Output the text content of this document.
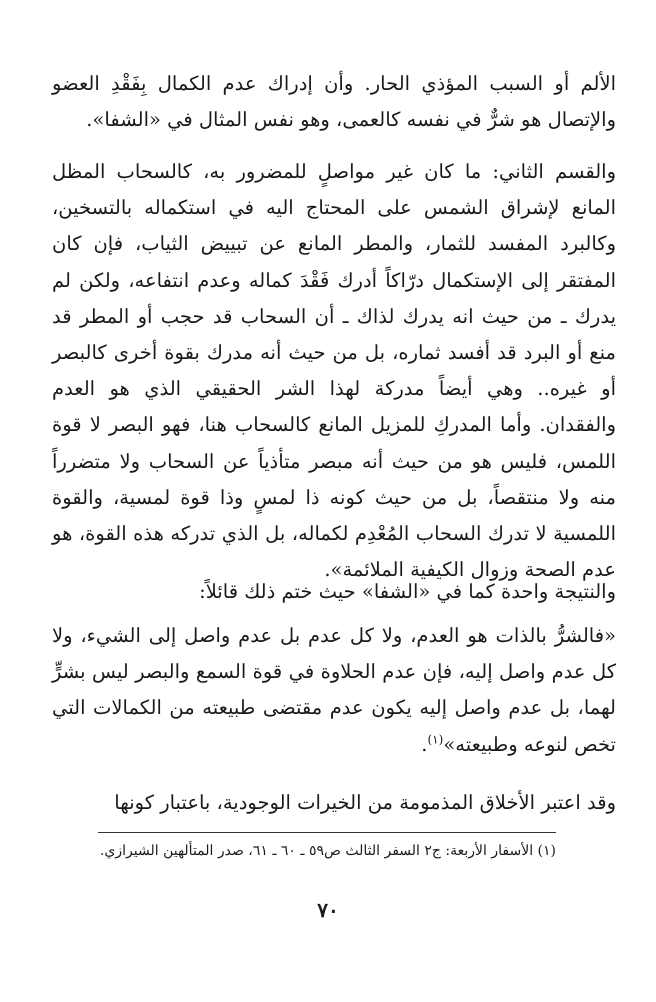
الألم أو السبب المؤذي الحار. وأن إدراك عدم الكمال بِفَقْدِ العضو والإتصال هو شرٌّ في نفسه كالعمى، وهو نفس المثال في «الشفا».
والقسم الثاني: ما كان غير مواصلٍ للمضرور به، كالسحاب المظل المانع لإشراق الشمس على المحتاج اليه في استكماله بالتسخين، وكالبرد المفسد للثمار، والمطر المانع عن تبييض الثياب، فإن كان المفتقر إلى الإستكمال درّاكاً أدرك فَقْدَ كماله وعدم انتفاعه، ولكن لم يدرك ـ من حيث انه يدرك لذاك ـ أن السحاب قد حجب أو المطر قد منع أو البرد قد أفسد ثماره، بل من حيث أنه مدرك بقوة أخرى كالبصر أو غيره.. وهي أيضاً مدركة لهذا الشر الحقيقي الذي هو العدم والفقدان. وأما المدركِ للمزيل المانع كالسحاب هنا، فهو البصر لا قوة اللمس، فليس هو من حيث أنه مبصر متأذياً عن السحاب ولا متضرراً منه ولا منتقصاً، بل من حيث كونه ذا لمسٍ وذا قوة لمسية، والقوة اللمسية لا تدرك السحاب المُعْدِم لكماله، بل الذي تدركه هذه القوة، هو عدم الصحة وزوال الكيفية الملائمة».
والنتيجة واحدة كما في «الشفا» حيث ختم ذلك قائلاً:
«فالشرُّ بالذات هو العدم، ولا كل عدم بل عدم واصل إلى الشيء، ولا كل عدم واصل إليه، فإن عدم الحلاوة في قوة السمع والبصر ليس بشرٍّ لهما، بل عدم واصل إليه يكون عدم مقتضى طبيعته من الكمالات التي تخص لنوعه وطبيعته»$^{(١)}$.
وقد اعتبر الأخلاق المذمومة من الخيرات الوجودية، باعتبار كونها
(١) الأسفار الأربعة: ج٢ السفر الثالث ص٥٩ ـ ٦٠ ـ ٦١، صدر المتألهين الشيرازي.
٧٠
